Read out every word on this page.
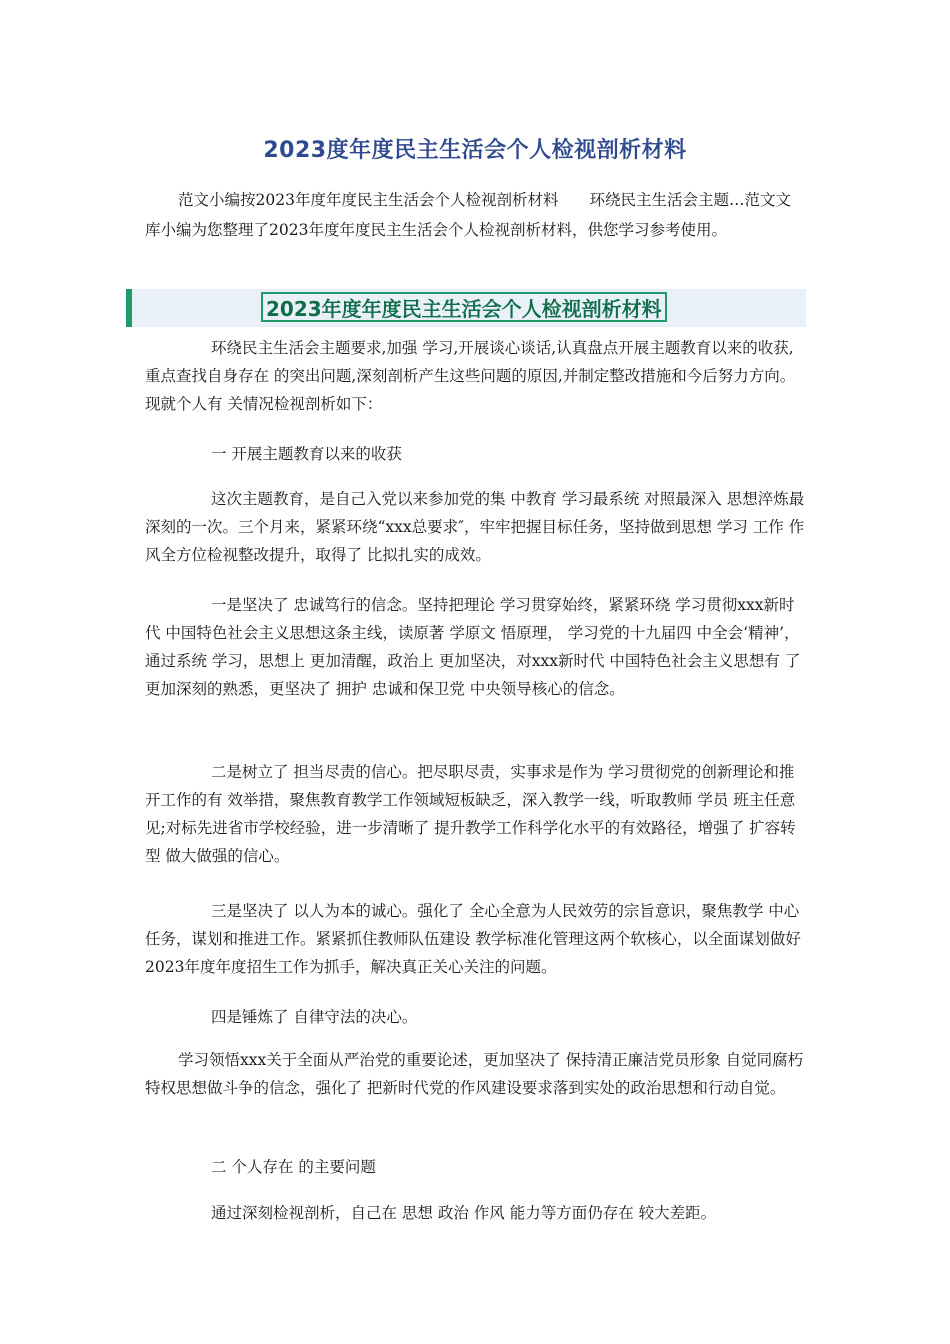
2023度年度民主生活会个人检视剖析材料
范文小编按2023年度年度民主生活会个人检视剖析材料　　环绕民主生活会主题…范文文库小编为您整理了2023年度年度民主生活会个人检视剖析材料，供您学习参考使用。
2023年度年度民主生活会个人检视剖析材料

环绕民主生活会主题要求,加强 学习,开展谈心谈话,认真盘点开展主题教育以来的收获,重点查找自身存在 的突出问题,深刻剖析产生这些问题的原因,并制定整改措施和今后努力方向。现就个人有 关情况检视剖析如下：

一 开展主题教育以来的收获

这次主题教育，是自己入党以来参加党的集 中教育 学习最系统 对照最深入 思想淬炼最深刻的一次。三个月来，紧紧环绕“xxx总要求″，牢牢把握目标任务，坚持做到思想 学习 工作 作风全方位检视整改提升，取得了 比拟扎实的成效。

一是坚决了 忠诚笃行的信念。坚持把理论 学习贯穿始终，紧紧环绕 学习贯彻xxx新时代 中国特色社会主义思想这条主线，读原著 学原文 悟原理， 学习党的十九届四 中全会‘精神’，通过系统 学习，思想上 更加清醒，政治上 更加坚决，对xxx新时代 中国特色社会主义思想有 了 更加深刻的熟悉，更坚决了 拥护 忠诚和保卫党 中央领导核心的信念。

二是树立了 担当尽责的信心。把尽职尽责，实事求是作为 学习贯彻党的创新理论和推开工作的有 效举措，聚焦教育教学工作领域短板缺乏，深入教学一线，听取教师 学员 班主任意见;对标先进省市学校经验，进一步清晰了 提升教学工作科学化水平的有效路径，增强了 扩容转型 做大做强的信心。

三是坚决了 以人为本的诚心。强化了 全心全意为人民效劳的宗旨意识，聚焦教学 中心任务，谋划和推进工作。紧紧抓住教师队伍建设 教学标准化管理这两个软核心，以全面谋划做好2023年度年度招生工作为抓手，解决真正关心关注的问题。

四是锤炼了 自律守法的决心。

学习领悟xxx关于全面从严治党的重要论述，更加坚决了 保持清正廉洁党员形象 自觉同腐朽 特权思想做斗争的信念，强化了 把新时代党的作风建设要求落到实处的政治思想和行动自觉。

二 个人存在 的主要问题

通过深刻检视剖析，自己在 思想 政治 作风 能力等方面仍存在 较大差距。
